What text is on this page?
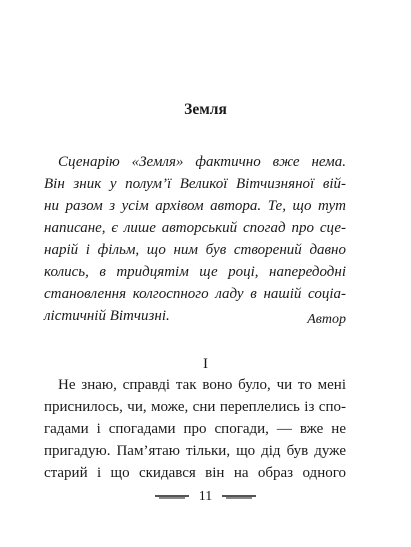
Земля
Сценарію «Земля» фактично вже нема.
Він зник у полум’ї Великої Вітчизняної вій-
ни разом з усім архівом автора. Те, що тут
написане, є лише авторський спогад про сце-
нарій і фільм, що ним був створений давно
колись, в тридцятім ще році, напередодні
становлення колгоспного ладу в нашій соціа-
лістичній Вітчизні.	Автор
I
Не знаю, справді так воно було, чи то мені
приснилось, чи, може, сни переплелись із спо-
гадами і спогадами про спогади, — вже не
пригадую. Пам’ятаю тільки, що дід був дуже
старий і що скидався він на образ одного
11
